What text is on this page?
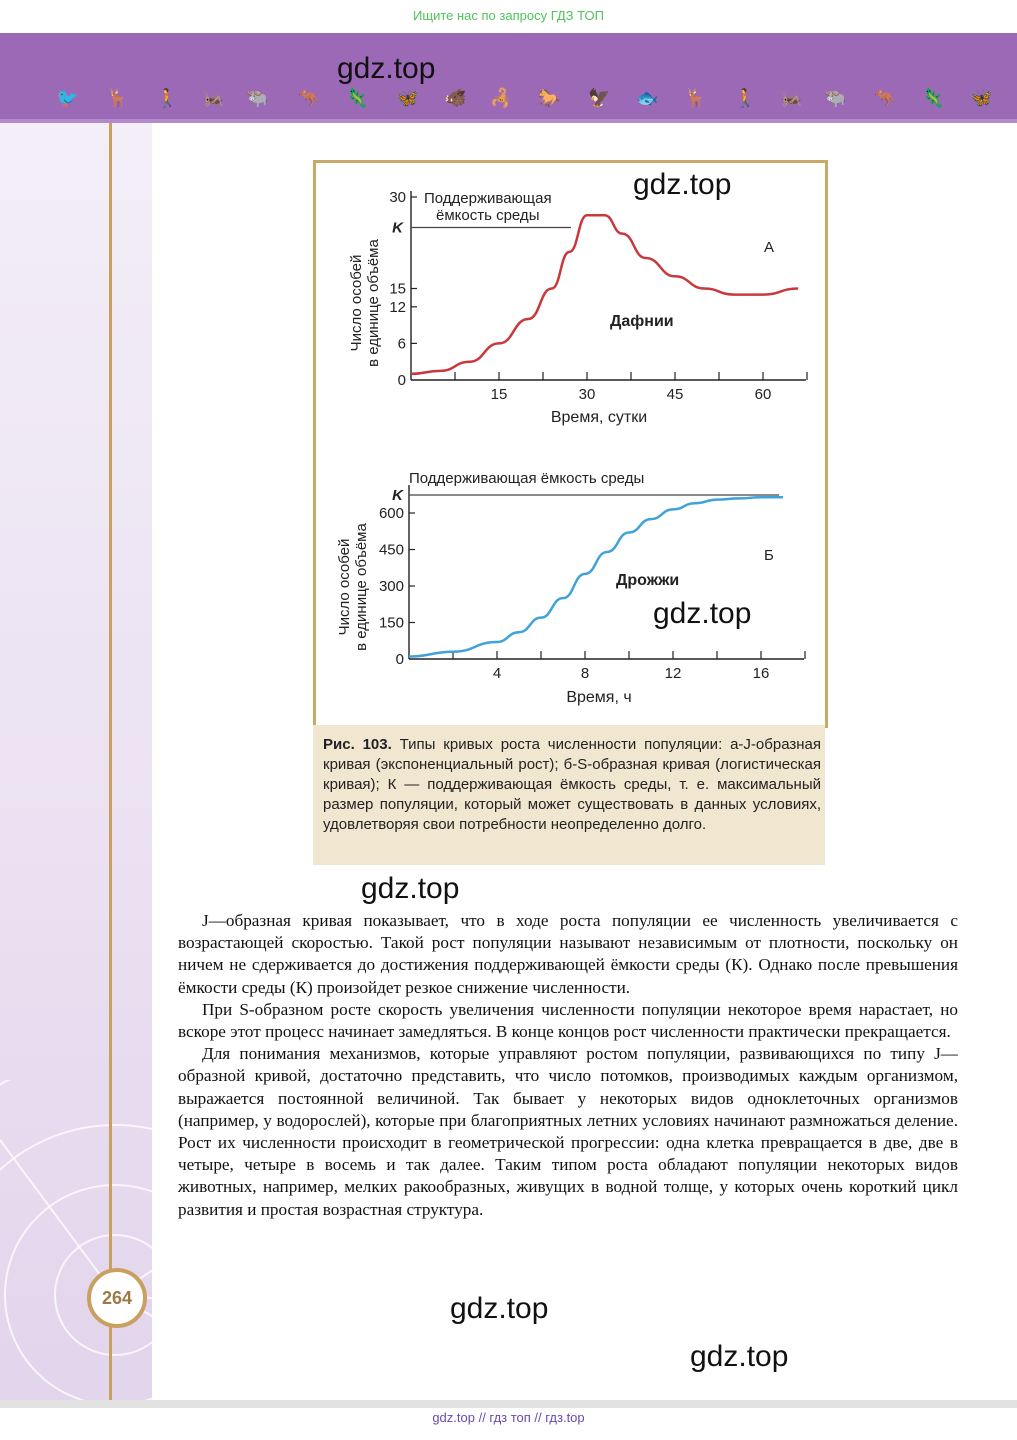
Ищите нас по запросу ГДЗ ТОП
🐦 🦌 🚶 🦗 🐃 🦘 🦎 🦋 🐗 🦂 🐎 🦅 🐟 🦌 🚶 🦗 🐃 🦘 🦎 🦋
264
0
6
12
15
30
15	30	45	60
K
Поддерживающая
ёмкость среды
Дафнии
А
Время, сутки
Число особей в единице объёма
0
150
300
450
600
4	8	12	16
K
Поддерживающая ёмкость среды
Дрожжи
Б
Время, ч
Число особей в единице объёма
Рис. 103. Типы кривых роста численности популяции: а-J-образная кривая (экспоненциальный рост); б-S-образная кривая (логистическая кривая); К — поддерживающая ёмкость среды, т. е. максимальный размер популяции, который может существовать в данных условиях, удовлетворяя свои потребности неопределенно долго.

J—образная кривая показывает, что в ходе роста популяции ее численность увеличивается с возрастающей скоростью. Такой рост популяции называют независимым от плотности, поскольку он ничем не сдерживается до достижения поддерживающей ёмкости среды (К). Однако после превышения ёмкости среды (К) произойдет резкое снижение численности.

При S-образном росте скорость увеличения численности популяции некоторое время нарастает, но вскоре этот процесс начинает замедляться. В конце концов рост численности практически прекращается.

Для понимания механизмов, которые управляют ростом популяции, развивающихся по типу J—образной кривой, достаточно представить, что число потомков, производимых каждым организмом, выражается постоянной величиной. Так бывает у некоторых видов одноклеточных организмов (например, у водорослей), которые при благоприятных летних условиях начинают размножаться деление. Рост их численности происходит в геометрической прогрессии: одна клетка превращается в две, две в четыре, четыре в восемь и так далее. Таким типом роста обладают популяции некоторых видов животных, например, мелких ракообразных, живущих в водной толще, у которых очень короткий цикл развития и простая возрастная структура.

gdz.top
gdz.top
gdz.top
gdz.top
gdz.top
gdz.top
gdz.top // гдз топ // гдз.top
